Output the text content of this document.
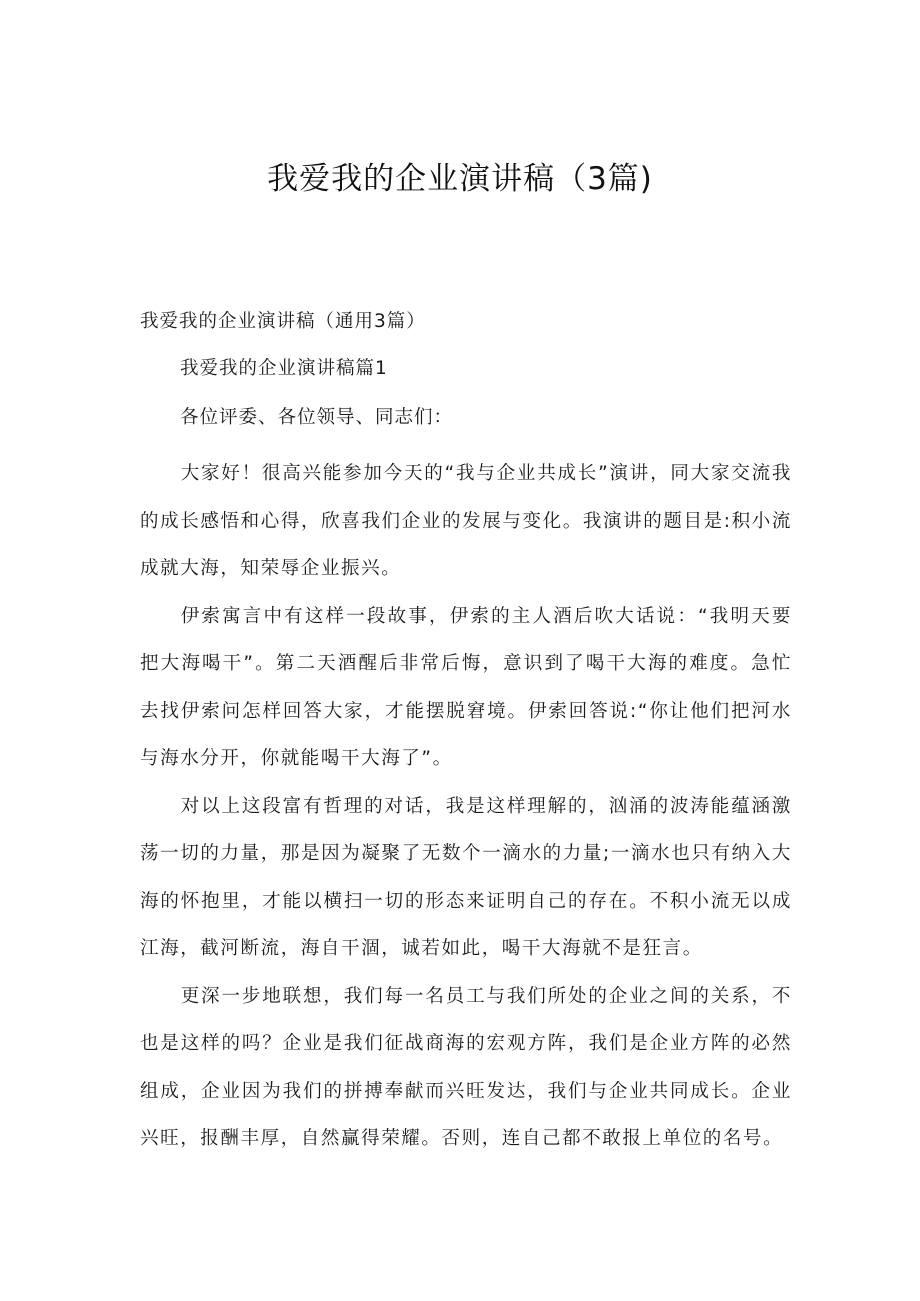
我爱我的企业演讲稿（3篇)
我爱我的企业演讲稿（通用3篇）
我爱我的企业演讲稿篇1
各位评委、各位领导、同志们：

大家好！很高兴能参加今天的“我与企业共成长”演讲，同大家交流我的成长感悟和心得，欣喜我们企业的发展与变化。我演讲的题目是:积小流成就大海，知荣辱企业振兴。

伊索寓言中有这样一段故事，伊索的主人酒后吹大话说：“我明天要把大海喝干”。第二天酒醒后非常后悔，意识到了喝干大海的难度。急忙去找伊索问怎样回答大家，才能摆脱窘境。伊索回答说:“你让他们把河水与海水分开，你就能喝干大海了”。

对以上这段富有哲理的对话，我是这样理解的，汹涌的波涛能蕴涵激荡一切的力量，那是因为凝聚了无数个一滴水的力量;一滴水也只有纳入大海的怀抱里，才能以横扫一切的形态来证明自己的存在。不积小流无以成江海，截河断流，海自干涸，诚若如此，喝干大海就不是狂言。

更深一步地联想，我们每一名员工与我们所处的企业之间的关系，不也是这样的吗？企业是我们征战商海的宏观方阵，我们是企业方阵的必然组成，企业因为我们的拼搏奉献而兴旺发达，我们与企业共同成长。企业兴旺，报酬丰厚，自然赢得荣耀。否则，连自己都不敢报上单位的名号。
